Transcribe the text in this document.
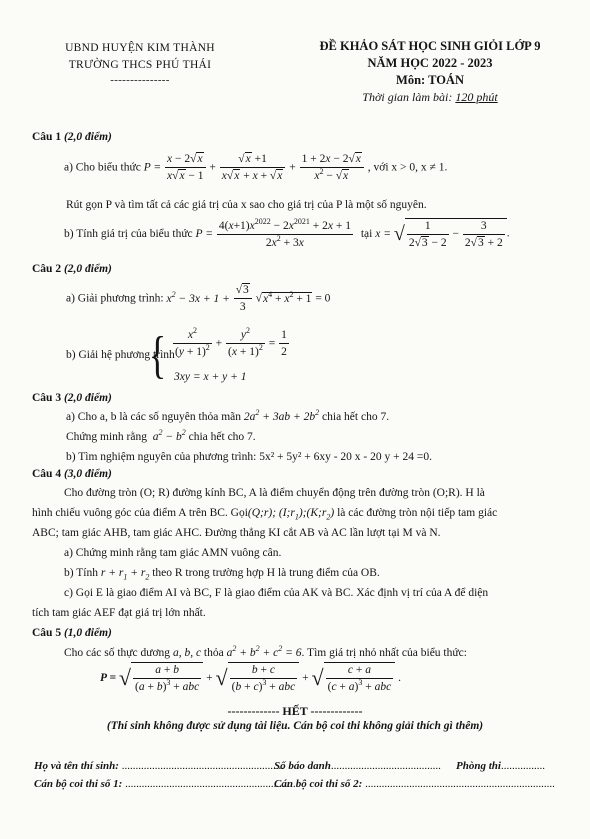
UBND HUYỆN KIM THÀNH
TRƯỜNG THCS PHÚ THÁI
---------------
ĐỀ KHẢO SÁT HỌC SINH GIỎI LỚP 9
NĂM HỌC 2022 - 2023
Môn: TOÁN
Thời gian làm bài: 120 phút
Câu 1 (2,0 điểm)
a) Cho biểu thức $P = \frac{x - 2√x}{x√x - 1} + \frac{√x +1}{x√x + x + √x} + \frac{1 + 2x - 2√x}{x^2 - √x}$ , với x > 0, x ≠ 1.
Rút gọn P và tìm tất cả các giá trị của x sao cho giá trị của P là một số nguyên.
b) Tính giá trị của biểu thức $P = \frac{4(x+1)x^{2022} - 2x^{2021} + 2x + 1}{2x^2 + 3x}$ tại x = √ $\frac{1}{2√3 - 2} - \frac{3}{2√3 + 2}$ .
Câu 2 (2,0 điểm)
a) Giải phương trình: $x^2 - 3x + 1 + \frac{√3}{3} √x^4 + x^2 + 1 = 0$
b) Giải hệ phương trình
{ $\frac{x^2}{(y + 1)^2} + \frac{y^2}{(x + 1)^2} = \frac{1}{2}$
3xy = x + y + 1
Câu 3 (2,0 điểm)
a) Cho a, b là các số nguyên thỏa mãn $2a^2 + 3ab + 2b^2$ chia hết cho 7.
Chứng minh rằng  $a^2 - b^2$ chia hết cho 7.
b) Tìm nghiệm nguyên của phương trình: 5x² + 5y² + 6xy - 20 x - 20 y + 24 =0.
Câu 4 (3,0 điểm)
Cho đường tròn (O; R) đường kính BC, A là điểm chuyển động trên đường tròn (O;R). H là
hình chiếu vuông góc của điểm A trên BC. Gọi(Q;r); $(I;r_1);(K;r_2)$ là các đường tròn nội tiếp tam giác
ABC; tam giác AHB, tam giác AHC. Đường thẳng KI cắt AB và AC lần lượt tại M và N.
a) Chứng minh rằng tam giác AMN vuông cân.
b) Tính $r + r_1 + r_2$ theo R trong trường hợp H là trung điểm của OB.
c) Gọi E là giao điểm AI và BC, F là giao điểm của AK và BC. Xác định vị trí của A để diện
tích tam giác AEF đạt giá trị lớn nhất.
Câu 5 (1,0 điểm)
Cho các số thực dương a, b, c thỏa $a^2 + b^2 + c^2 = 6$. Tìm giá trị nhỏ nhất của biểu thức:
P = √ $\frac{a + b}{(a + b)^3 + abc}$ + √ $\frac{b + c}{(b + c)^3 + abc}$ + √ $\frac{c + a}{(c + a)^3 + abc}$ .
------------- HẾT -------------
(Thí sinh không được sử dụng tài liệu. Cán bộ coi thi không giải thích gì thêm)
Họ và tên thí sinh: ...........................................................
Số báo danh........................................ Phòng thi................
Cán bộ coi thi số 1: ..............................................................
Cán bộ coi thi số 2: .....................................................................
